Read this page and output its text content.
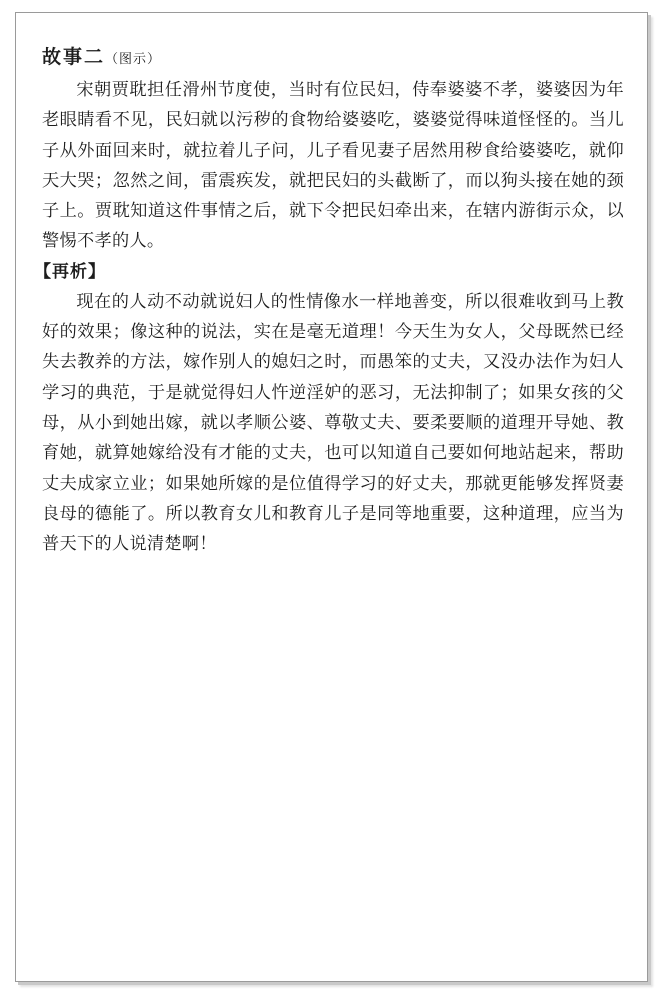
故事二（图示）

宋朝贾耽担任滑州节度使，当时有位民妇，侍奉婆婆不孝，婆婆因为年老眼睛看不见，民妇就以污秽的食物给婆婆吃，婆婆觉得味道怪怪的。当儿子从外面回来时，就拉着儿子问，儿子看见妻子居然用秽食给婆婆吃，就仰天大哭；忽然之间，雷震疾发，就把民妇的头截断了，而以狗头接在她的颈子上。贾耽知道这件事情之后，就下令把民妇牵出来，在辖内游街示众，以警惕不孝的人。

【再析】

现在的人动不动就说妇人的性情像水一样地善变，所以很难收到马上教好的效果；像这种的说法，实在是毫无道理！今天生为女人，父母既然已经失去教养的方法，嫁作别人的媳妇之时，而愚笨的丈夫，又没办法作为妇人学习的典范，于是就觉得妇人忤逆淫妒的恶习，无法抑制了；如果女孩的父母，从小到她出嫁，就以孝顺公婆、尊敬丈夫、要柔要顺的道理开导她、教育她，就算她嫁给没有才能的丈夫，也可以知道自己要如何地站起来，帮助丈夫成家立业；如果她所嫁的是位值得学习的好丈夫，那就更能够发挥贤妻良母的德能了。所以教育女儿和教育儿子是同等地重要，这种道理，应当为普天下的人说清楚啊！
